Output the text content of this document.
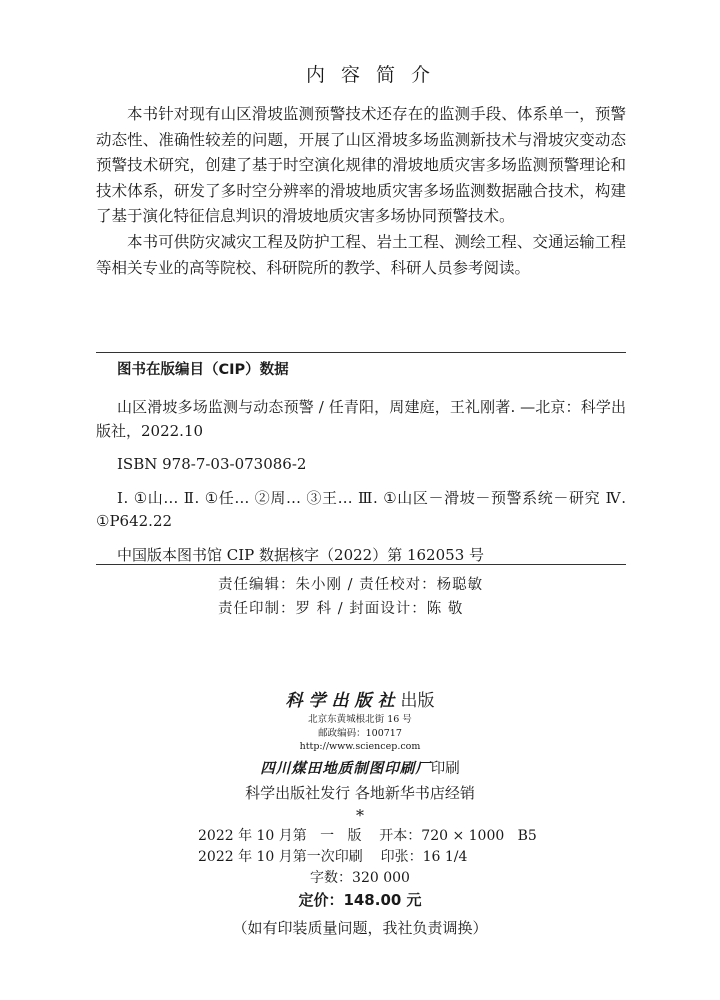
内容简介

本书针对现有山区滑坡监测预警技术还存在的监测手段、体系单一，预警动态性、准确性较差的问题，开展了山区滑坡多场监测新技术与滑坡灾变动态预警技术研究，创建了基于时空演化规律的滑坡地质灾害多场监测预警理论和技术体系，研发了多时空分辨率的滑坡地质灾害多场监测数据融合技术，构建了基于演化特征信息判识的滑坡地质灾害多场协同预警技术。

本书可供防灾减灾工程及防护工程、岩土工程、测绘工程、交通运输工程等相关专业的高等院校、科研院所的教学、科研人员参考阅读。

图书在版编目（CIP）数据
山区滑坡多场监测与动态预警 / 任青阳，周建庭，王礼刚著. —北京：科学出版社，2022.10
ISBN 978-7-03-073086-2
Ⅰ. ①山… Ⅱ. ①任… ②周… ③王… Ⅲ. ①山区－滑坡－预警系统－研究 Ⅳ. ①P642.22
中国版本图书馆 CIP 数据核字（2022）第 162053 号
责任编辑：朱小刚 / 责任校对：杨聪敏
责任印制：罗 科 / 封面设计：陈 敬
科学出版社出版
北京东黄城根北街 16 号
邮政编码：100717
http://www.sciencep.com
四川煤田地质制图印刷厂印刷
科学出版社发行 各地新华书店经销
*
2022 年 10 月第   一   版    开本：720 × 1000   B5
2022 年 10 月第一次印刷    印张：16 1/4
字数：320 000
定价：148.00 元
（如有印装质量问题，我社负责调换）
